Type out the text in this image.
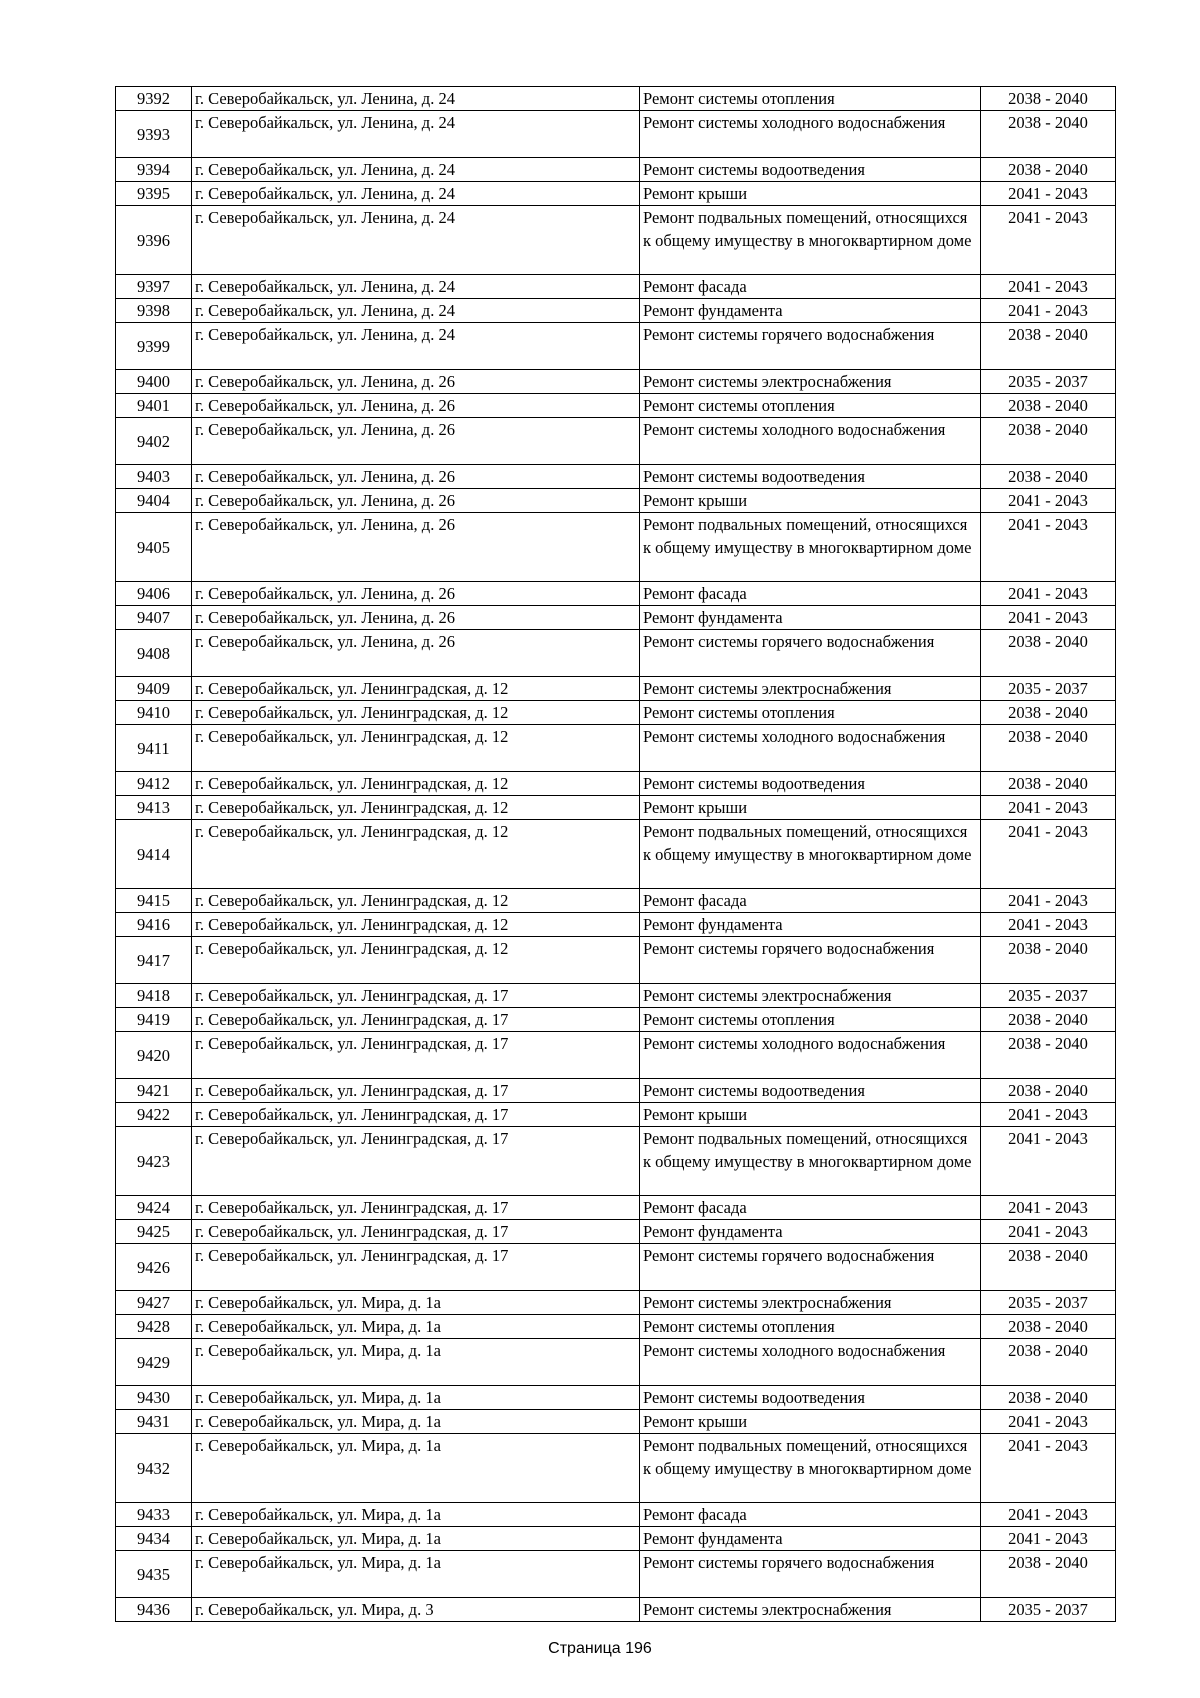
9392	г. Северобайкальск, ул. Ленина, д. 24	Ремонт системы отопления	2038 - 2040
9393	г. Северобайкальск, ул. Ленина, д. 24	Ремонт системы холодного водоснабжения	2038 - 2040
9394	г. Северобайкальск, ул. Ленина, д. 24	Ремонт системы водоотведения	2038 - 2040
9395	г. Северобайкальск, ул. Ленина, д. 24	Ремонт крыши	2041 - 2043
9396	г. Северобайкальск, ул. Ленина, д. 24	Ремонт подвальных помещений, относящихся к общему имуществу в многоквартирном доме	2041 - 2043
9397	г. Северобайкальск, ул. Ленина, д. 24	Ремонт фасада	2041 - 2043
9398	г. Северобайкальск, ул. Ленина, д. 24	Ремонт фундамента	2041 - 2043
9399	г. Северобайкальск, ул. Ленина, д. 24	Ремонт системы горячего водоснабжения	2038 - 2040
9400	г. Северобайкальск, ул. Ленина, д. 26	Ремонт системы электроснабжения	2035 - 2037
9401	г. Северобайкальск, ул. Ленина, д. 26	Ремонт системы отопления	2038 - 2040
9402	г. Северобайкальск, ул. Ленина, д. 26	Ремонт системы холодного водоснабжения	2038 - 2040
9403	г. Северобайкальск, ул. Ленина, д. 26	Ремонт системы водоотведения	2038 - 2040
9404	г. Северобайкальск, ул. Ленина, д. 26	Ремонт крыши	2041 - 2043
9405	г. Северобайкальск, ул. Ленина, д. 26	Ремонт подвальных помещений, относящихся к общему имуществу в многоквартирном доме	2041 - 2043
9406	г. Северобайкальск, ул. Ленина, д. 26	Ремонт фасада	2041 - 2043
9407	г. Северобайкальск, ул. Ленина, д. 26	Ремонт фундамента	2041 - 2043
9408	г. Северобайкальск, ул. Ленина, д. 26	Ремонт системы горячего водоснабжения	2038 - 2040
9409	г. Северобайкальск, ул. Ленинградская, д. 12	Ремонт системы электроснабжения	2035 - 2037
9410	г. Северобайкальск, ул. Ленинградская, д. 12	Ремонт системы отопления	2038 - 2040
9411	г. Северобайкальск, ул. Ленинградская, д. 12	Ремонт системы холодного водоснабжения	2038 - 2040
9412	г. Северобайкальск, ул. Ленинградская, д. 12	Ремонт системы водоотведения	2038 - 2040
9413	г. Северобайкальск, ул. Ленинградская, д. 12	Ремонт крыши	2041 - 2043
9414	г. Северобайкальск, ул. Ленинградская, д. 12	Ремонт подвальных помещений, относящихся к общему имуществу в многоквартирном доме	2041 - 2043
9415	г. Северобайкальск, ул. Ленинградская, д. 12	Ремонт фасада	2041 - 2043
9416	г. Северобайкальск, ул. Ленинградская, д. 12	Ремонт фундамента	2041 - 2043
9417	г. Северобайкальск, ул. Ленинградская, д. 12	Ремонт системы горячего водоснабжения	2038 - 2040
9418	г. Северобайкальск, ул. Ленинградская, д. 17	Ремонт системы электроснабжения	2035 - 2037
9419	г. Северобайкальск, ул. Ленинградская, д. 17	Ремонт системы отопления	2038 - 2040
9420	г. Северобайкальск, ул. Ленинградская, д. 17	Ремонт системы холодного водоснабжения	2038 - 2040
9421	г. Северобайкальск, ул. Ленинградская, д. 17	Ремонт системы водоотведения	2038 - 2040
9422	г. Северобайкальск, ул. Ленинградская, д. 17	Ремонт крыши	2041 - 2043
9423	г. Северобайкальск, ул. Ленинградская, д. 17	Ремонт подвальных помещений, относящихся к общему имуществу в многоквартирном доме	2041 - 2043
9424	г. Северобайкальск, ул. Ленинградская, д. 17	Ремонт фасада	2041 - 2043
9425	г. Северобайкальск, ул. Ленинградская, д. 17	Ремонт фундамента	2041 - 2043
9426	г. Северобайкальск, ул. Ленинградская, д. 17	Ремонт системы горячего водоснабжения	2038 - 2040
9427	г. Северобайкальск, ул. Мира, д. 1а	Ремонт системы электроснабжения	2035 - 2037
9428	г. Северобайкальск, ул. Мира, д. 1а	Ремонт системы отопления	2038 - 2040
9429	г. Северобайкальск, ул. Мира, д. 1а	Ремонт системы холодного водоснабжения	2038 - 2040
9430	г. Северобайкальск, ул. Мира, д. 1а	Ремонт системы водоотведения	2038 - 2040
9431	г. Северобайкальск, ул. Мира, д. 1а	Ремонт крыши	2041 - 2043
9432	г. Северобайкальск, ул. Мира, д. 1а	Ремонт подвальных помещений, относящихся к общему имуществу в многоквартирном доме	2041 - 2043
9433	г. Северобайкальск, ул. Мира, д. 1а	Ремонт фасада	2041 - 2043
9434	г. Северобайкальск, ул. Мира, д. 1а	Ремонт фундамента	2041 - 2043
9435	г. Северобайкальск, ул. Мира, д. 1а	Ремонт системы горячего водоснабжения	2038 - 2040
9436	г. Северобайкальск, ул. Мира, д. 3	Ремонт системы электроснабжения	2035 - 2037
Страница 196
